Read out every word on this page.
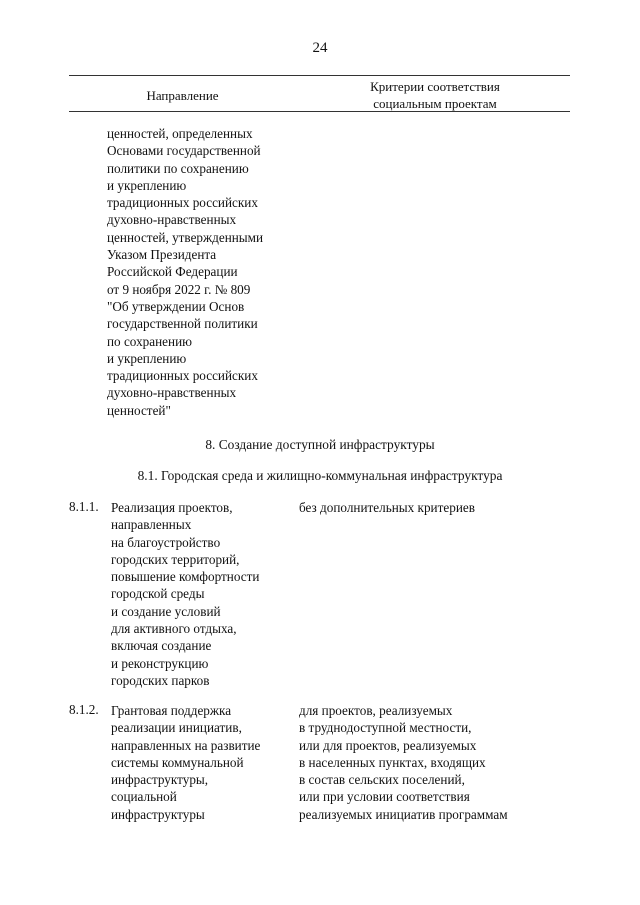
24
Направление
Критерии соответствия
социальным проектам
ценностей, определенных
Основами государственной
политики по сохранению
и укреплению
традиционных российских
духовно-нравственных
ценностей, утвержденными
Указом Президента
Российской Федерации
от 9 ноября 2022 г. № 809
"Об утверждении Основ
государственной политики
по сохранению
и укреплению
традиционных российских
духовно-нравственных
ценностей"
8. Создание доступной инфраструктуры
8.1. Городская среда и жилищно-коммунальная инфраструктура
8.1.1. Реализация проектов,
направленных
на благоустройство
городских территорий,
повышение комфортности
городской среды
и создание условий
для активного отдыха,
включая создание
и реконструкцию
городских парков
без дополнительных критериев
8.1.2. Грантовая поддержка
реализации инициатив,
направленных на развитие
системы коммунальной
инфраструктуры,
социальной
инфраструктуры
для проектов, реализуемых
в труднодоступной местности,
или для проектов, реализуемых
в населенных пунктах, входящих
в состав сельских поселений,
или при условии соответствия
реализуемых инициатив программам
